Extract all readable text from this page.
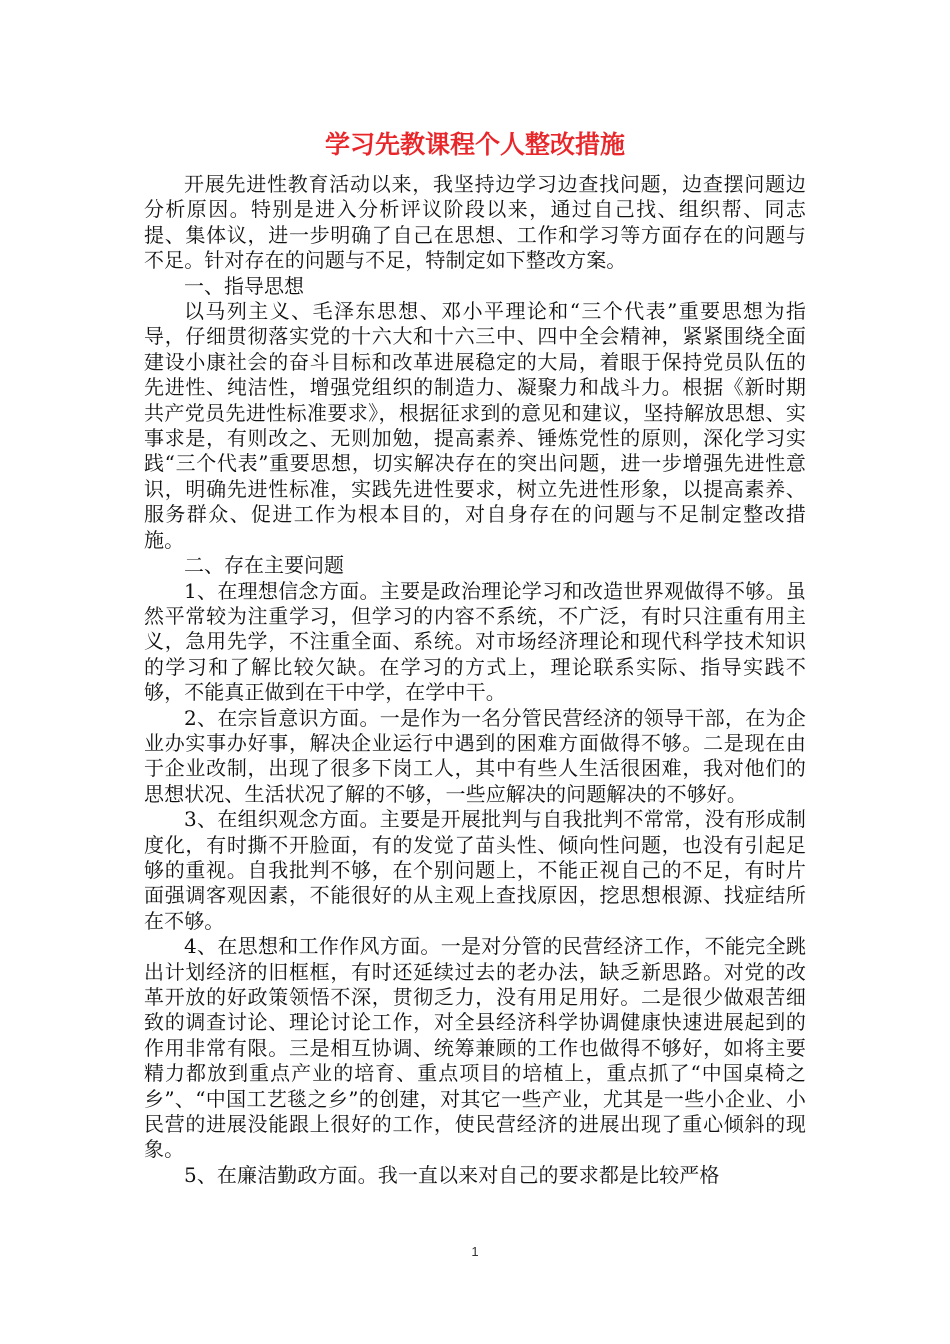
学习先教课程个人整改措施

开展先进性教育活动以来，我坚持边学习边查找问题，边查摆问题边分析原因。特别是进入分析评议阶段以来，通过自己找、组织帮、同志提、集体议，进一步明确了自己在思想、工作和学习等方面存在的问题与不足。针对存在的问题与不足，特制定如下整改方案。

一、指导思想

以马列主义、毛泽东思想、邓小平理论和“三个代表”重要思想为指导，仔细贯彻落实党的十六大和十六三中、四中全会精神，紧紧围绕全面建设小康社会的奋斗目标和改革进展稳定的大局，着眼于保持党员队伍的先进性、纯洁性，增强党组织的制造力、凝聚力和战斗力。根据《新时期共产党员先进性标准要求》，根据征求到的意见和建议，坚持解放思想、实事求是，有则改之、无则加勉，提高素养、锤炼党性的原则，深化学习实践“三个代表”重要思想，切实解决存在的突出问题，进一步增强先进性意识，明确先进性标准，实践先进性要求，树立先进性形象，以提高素养、服务群众、促进工作为根本目的，对自身存在的问题与不足制定整改措施。

二、存在主要问题

1、在理想信念方面。主要是政治理论学习和改造世界观做得不够。虽然平常较为注重学习，但学习的内容不系统，不广泛，有时只注重有用主义，急用先学，不注重全面、系统。对市场经济理论和现代科学技术知识的学习和了解比较欠缺。在学习的方式上，理论联系实际、指导实践不够，不能真正做到在干中学，在学中干。

2、在宗旨意识方面。一是作为一名分管民营经济的领导干部，在为企业办实事办好事，解决企业运行中遇到的困难方面做得不够。二是现在由于企业改制，出现了很多下岗工人，其中有些人生活很困难，我对他们的思想状况、生活状况了解的不够，一些应解决的问题解决的不够好。

3、在组织观念方面。主要是开展批判与自我批判不常常，没有形成制度化，有时撕不开脸面，有的发觉了苗头性、倾向性问题，也没有引起足够的重视。自我批判不够，在个别问题上，不能正视自己的不足，有时片面强调客观因素，不能很好的从主观上查找原因，挖思想根源、找症结所在不够。

4、在思想和工作作风方面。一是对分管的民营经济工作，不能完全跳出计划经济的旧框框，有时还延续过去的老办法，缺乏新思路。对党的改革开放的好政策领悟不深，贯彻乏力，没有用足用好。二是很少做艰苦细致的调查讨论、理论讨论工作，对全县经济科学协调健康快速进展起到的作用非常有限。三是相互协调、统筹兼顾的工作也做得不够好，如将主要精力都放到重点产业的培育、重点项目的培植上，重点抓了“中国桌椅之乡”、“中国工艺毯之乡”的创建，对其它一些产业，尤其是一些小企业、小民营的进展没能跟上很好的工作，使民营经济的进展出现了重心倾斜的现象。

5、在廉洁勤政方面。我一直以来对自己的要求都是比较严格

1
